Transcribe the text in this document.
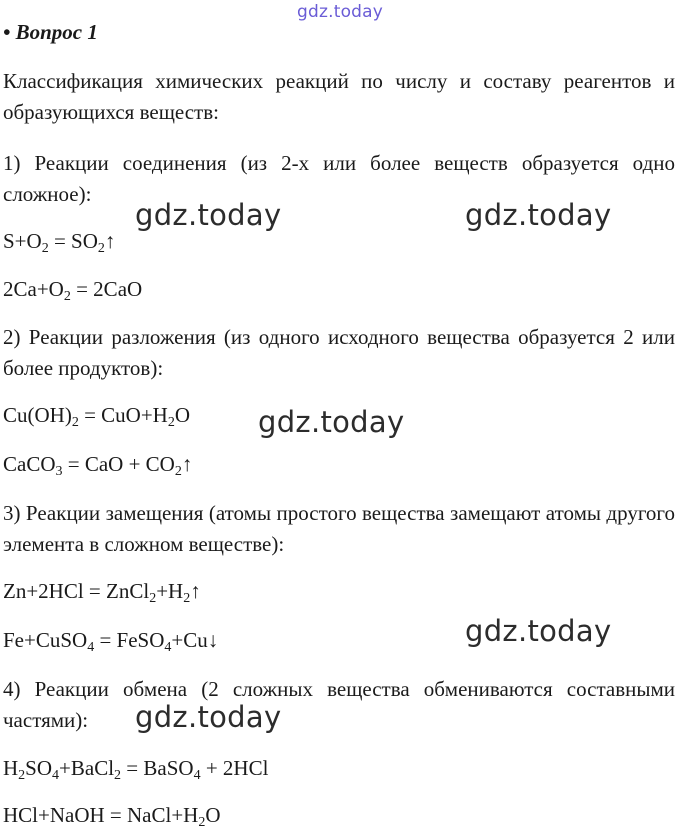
gdz.today
• Вопрос 1
Классификация химических реакций по числу и составу реагентов и образующихся веществ:
1) Реакции соединения (из 2-х или более веществ образуется одно сложное):
$S+O_2$ = $SO_2↑$
$2Ca+O_2 = 2CaO$
2) Реакции разложения (из одного исходного вещества образуется 2 или более продуктов):
$Cu(OH)_2 = CuO+H_2O$
CaCO$_3$ = CaO + $CO_2↑$
3) Реакции замещения (атомы простого вещества замещают атомы другого элемента в сложном веществе):
$Zn+2HCl = ZnCl_2+H_2↑$
Fe+CuSO$_4$ = FeSO$_4$+Cu↓
4) Реакции обмена (2 сложных вещества обмениваются составными частями):
$H_2SO_4+BaCl_2$ = BaSO$_4$ + 2HCl
HCl+NaOH = $NaCl+H_2O$
gdz.today	gdz.today
gdz.today
gdz.today
gdz.today
